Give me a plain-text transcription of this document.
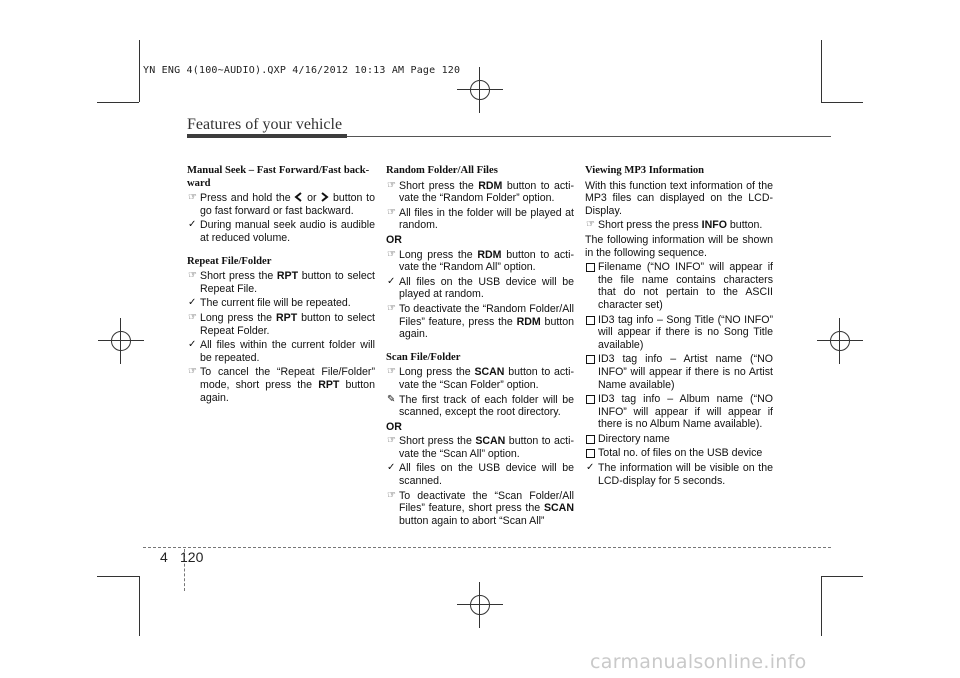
YN ENG 4(100~AUDIO).QXP 4/16/2012 10:13 AM Page 120
Features of your vehicle
Manual Seek – Fast Forward/Fast back-ward
☞ Press and hold the or button to go fast forward or fast backward.
✓ During manual seek audio is audible at reduced volume.
Repeat File/Folder
☞ Short press the RPT button to select Repeat File.
✓ The current file will be repeated.
☞ Long press the RPT button to select Repeat Folder.
✓ All files within the current folder will be repeated.
☞ To cancel the “Repeat File/Folder” mode, short press the RPT button again.
Random Folder/All Files
☞ Short press the RDM button to acti-vate the “Random Folder” option.
☞ All files in the folder will be played at random.
OR
☞ Long press the RDM button to acti-vate the “Random All” option.
✓ All files on the USB device will be played at random.
☞ To deactivate the “Random Folder/All Files” feature, press the RDM button again.
Scan File/Folder
☞ Long press the SCAN button to acti-vate the “Scan Folder” option.
✎ The first track of each folder will be scanned, except the root directory.
OR
☞ Short press the SCAN button to acti-vate the “Scan All” option.
✓ All files on the USB device will be scanned.
☞ To deactivate the “Scan Folder/All Files” feature, short press the SCAN button again to abort “Scan All”
Viewing MP3 Information
With this function text information of the MP3 files can displayed on the LCD-Display.
☞ Short press the press INFO button.
The following information will be shown in the following sequence.
Filename (“NO INFO” will appear if the file name contains characters that do not pertain to the ASCII character set)
ID3 tag info – Song Title (“NO INFO” will appear if there is no Song Title available)
ID3 tag info – Artist name (“NO INFO” will appear if there is no Artist Name available)
ID3 tag info – Album name (“NO INFO” will appear if will appear if there is no Album Name available).
Directory name
Total no. of files on the USB device
✓ The information will be visible on the LCD-display for 5 seconds.
4 120
carmanualsonline.info
